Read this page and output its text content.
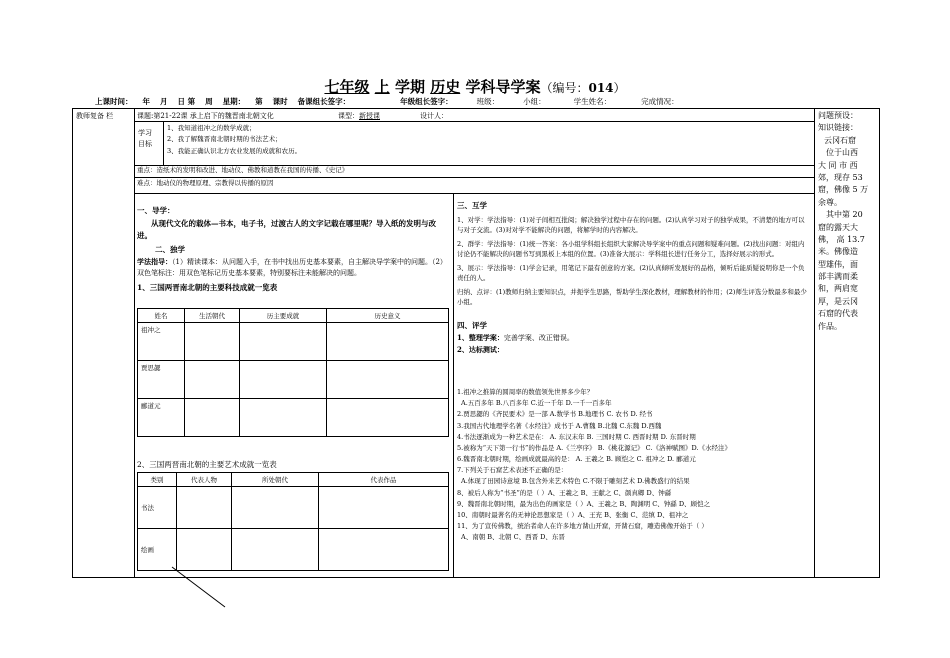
七年级 上 学期 历史 学科导学案（编号：014）
上课时间： 年 月 日 第 周 星期： 第 课时 备课组长签字：	年级组长签字：	班级：	小组：	学生姓名：	完成情况：
教师复备 栏	课题:第21-22课 承上启下的魏晋南北朝文化	课型：新授课	设计人：
学习
目标
1、我知道祖冲之的数学成就；
2、我了解魏晋南北朝时期的书法艺术；
3、我能正确认识北方农业发展的成就和农历。
重点：造纸术的发明和改进、地动仪、佛教和道教在我国的传播、《史记》
难点：地动仪的物理原理、宗教得以传播的原因
一、导学：
从现代文化的载体—书本，电子书，过渡古人的文字记载在哪里呢？导入纸的发明与改进。
二、独学
学法指导：（1）精读课本：从问题入手，在书中找出历史基本要素，自主解决导学案中的问题。（2）双色笔标注：用双色笔标记历史基本要素，特别要标注未能解决的问题。
1、三国两晋南北朝的主要科技成就一览表
姓名	生活朝代	历主要成就	历史意义
祖冲之			
贾思勰			
郦道元			
2、三国两晋南北朝的主要艺术成就一览表
类别	代表人物	所处朝代	代表作品
书法			
绘画			
三、互学
1、对学：学法指导：(1)对子间相互批阅；解决独学过程中存在的问题。(2)认真学习对子的独学成果，不清楚的地方可以与对子交流。(3)对对学不能解决的问题，将解学时的内容解决。
2、群学：学法指导：(1)统一答案：各小组学科组长组织大家解决导学案中的重点问题和疑难问题。(2)找出问题：对组内讨论仍不能解决的问题书写到黑板上本组的位置。(3)准备大展示：学科组长进行任务分工，选择好展示的形式。
3、展示：学法指导：(1)学会记录，用笔记下最有创意的方案。(2)认真倾听发展好的品格，倾听后能质疑说明你是一个负责任的人。
归纳、点评：(1)教师归纳主要知识点，并扼学生思路，帮助学生深化教材，理解教材的作用；(2)师生评选分数最多和最少小组。
四、评学
1、整理学案：完善学案、改正错误。
2、达标测试：
1.祖冲之推算的圆周率的数值领先世界多少年？
A.五百多年 B.八百多年 C.近一千年 D.一千一百多年
2.贾思勰的《齐民要术》是一部 A.数学书 B.地理书 C. 农书 D. 经书
3.我国古代地理学名著《水经注》成书于 A.曹魏 B.北魏 C.东魏 D.西魏
4.书法逐渐成为一种艺术是在： A. 东汉末年 B. 三国时期 C. 西晋时期 D. 东晋时期
5.被称为“天下第一行书”的作品是 A.《兰亭序》 B.《桃花源记》 C.《洛神赋图》D.《水经注》
6.魏晋南北朝时期，绘画成就最高的是： A. 王羲之 B. 顾恺之 C. 祖冲之 D. 郦道元
7.下列关于石窟艺术表述不正确的是：
A.体现了田园诗意境 B.包含外来艺术特色 C.不限于雕刻艺术 D.佛教盛行的结果
8、被后人称为“书圣”的是（ ）A、王羲之 B、王献之 C、颜真卿 D、钟繇
9、魏晋南北朝时期，最为出色的画家是（ ）A、王羲之 B、陶渊明 C、钟繇 D、顾恺之
10、南朝时最著名的无神论思想家是（ ）A、王充 B、张衡 C、范缜 D、祖冲之
11、为了宣传佛教，统治者命人在许多地方凿山开窟，开凿石窟，雕造佛像开始于（ ）
A、南朝 B、北朝 C、西晋 D、东晋
问题预设：
知识链接：
云冈石窟
位于山西
大 同 市 西
郊，现存 53
窟，佛像 5 万
余尊。
其中第 20
窟的露天大
佛， 高 13.7
米。佛像造
型雄伟，面
部丰满而柔
和，两肩宽
厚，是云冈
石窟的代表
作品。
